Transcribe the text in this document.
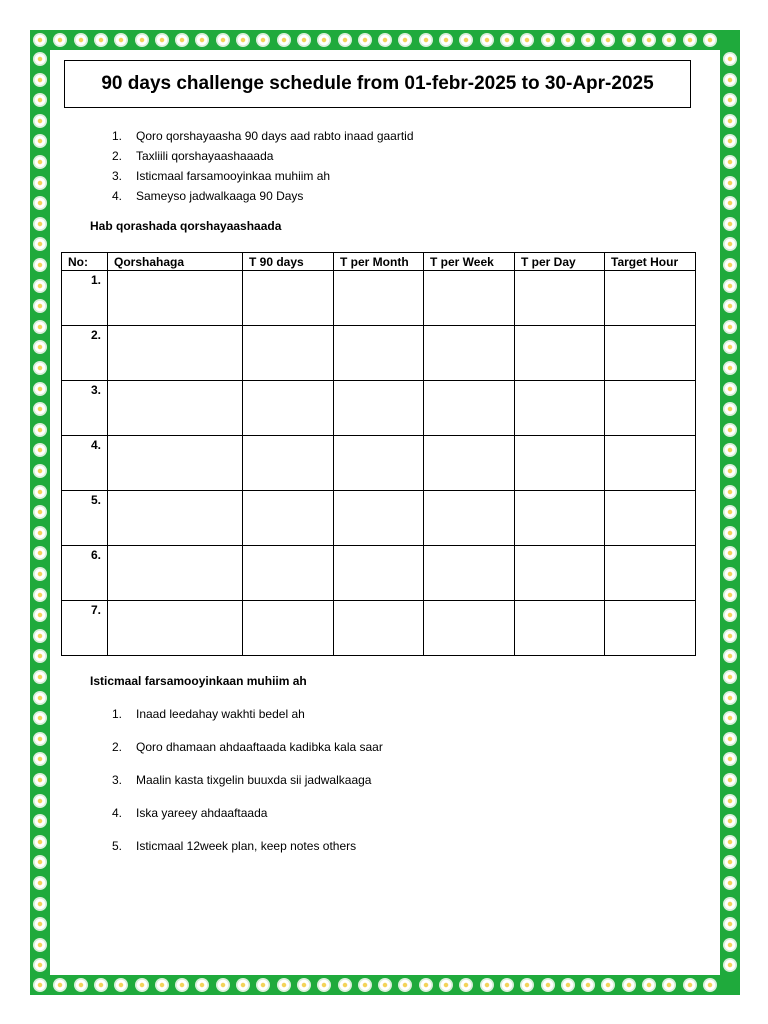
90 days challenge schedule from 01-febr-2025 to 30-Apr-2025
1.	Qoro qorshayaasha 90 days aad rabto inaad gaartid
2.	Taxliili qorshayaashaaada
3.	Isticmaal farsamooyinkaa muhiim ah
4.	Sameyso jadwalkaaga 90 Days
Hab qorashada qorshayaashaada
No:	Qorshahaga	T 90 days	T per Month	T per Week	T per Day	Target Hour
1.						
2.						
3.						
4.						
5.						
6.						
7.						
Isticmaal farsamooyinkaan muhiim ah
1.	Inaad leedahay wakhti bedel ah
2.	Qoro dhamaan ahdaaftaada kadibka kala saar
3.	Maalin kasta tixgelin buuxda sii jadwalkaaga
4.	Iska yareey ahdaaftaada
5.	Isticmaal 12week plan, keep notes others
